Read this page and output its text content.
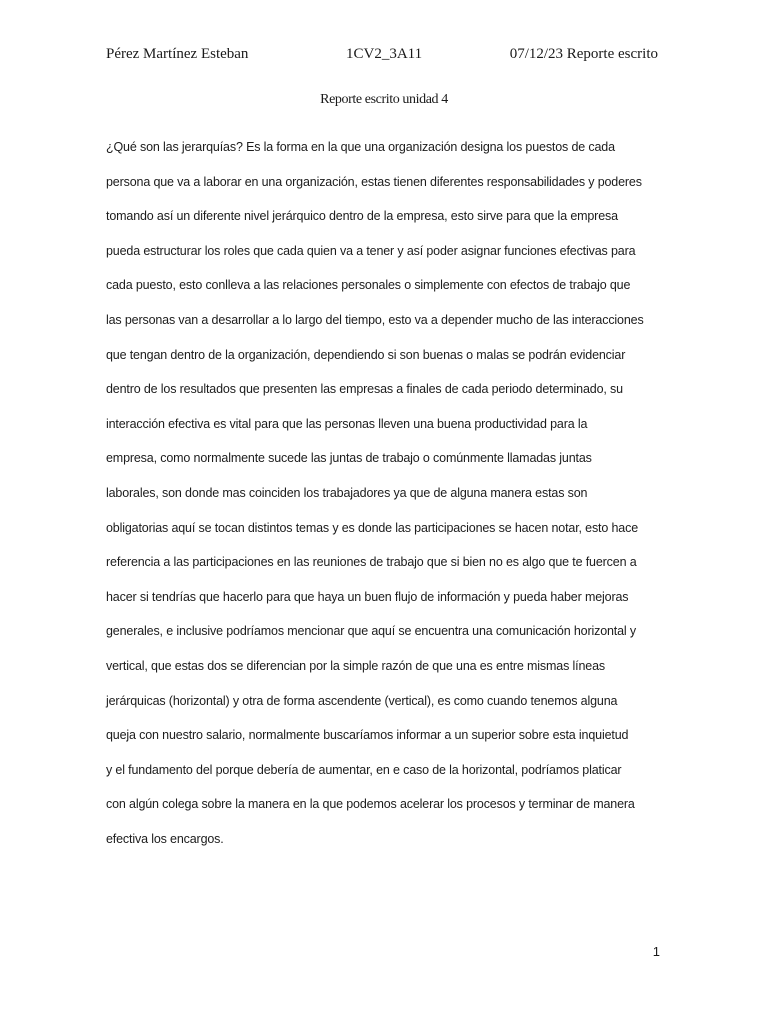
Pérez Martínez Esteban	1CV2_3A11	07/12/23 Reporte escrito
Reporte escrito unidad 4
¿Qué son las jerarquías? Es la forma en la que una organización designa los puestos de cada
persona que va a laborar en una organización, estas tienen diferentes responsabilidades y poderes
tomando así un diferente nivel jerárquico dentro de la empresa, esto sirve para que la empresa
pueda estructurar los roles que cada quien va a tener y así poder asignar funciones efectivas para
cada puesto, esto conlleva a las relaciones personales o simplemente con efectos de trabajo que
las personas van a desarrollar a lo largo del tiempo, esto va a depender mucho de las interacciones
que tengan dentro de la organización, dependiendo si son buenas o malas se podrán evidenciar
dentro de los resultados que presenten las empresas a finales de cada periodo determinado, su
interacción efectiva es vital para que las personas lleven una buena productividad para la
empresa, como normalmente sucede las juntas de trabajo o comúnmente llamadas juntas
laborales, son donde mas coinciden los trabajadores ya que de alguna manera estas son
obligatorias aquí se tocan distintos temas y es donde las participaciones se hacen notar, esto hace
referencia a las participaciones en las reuniones de trabajo que si bien no es algo que te fuercen a
hacer si tendrías que hacerlo para que haya un buen flujo de información y pueda haber mejoras
generales, e inclusive podríamos mencionar que aquí se encuentra una comunicación horizontal y
vertical, que estas dos se diferencian por la simple razón de que una es entre mismas líneas
jerárquicas (horizontal) y otra de forma ascendente (vertical), es como cuando tenemos alguna
queja con nuestro salario, normalmente buscaríamos informar a un superior sobre esta inquietud
y el fundamento del porque debería de aumentar, en e caso de la horizontal, podríamos platicar
con algún colega sobre la manera en la que podemos acelerar los procesos y terminar de manera
efectiva los encargos.
1
